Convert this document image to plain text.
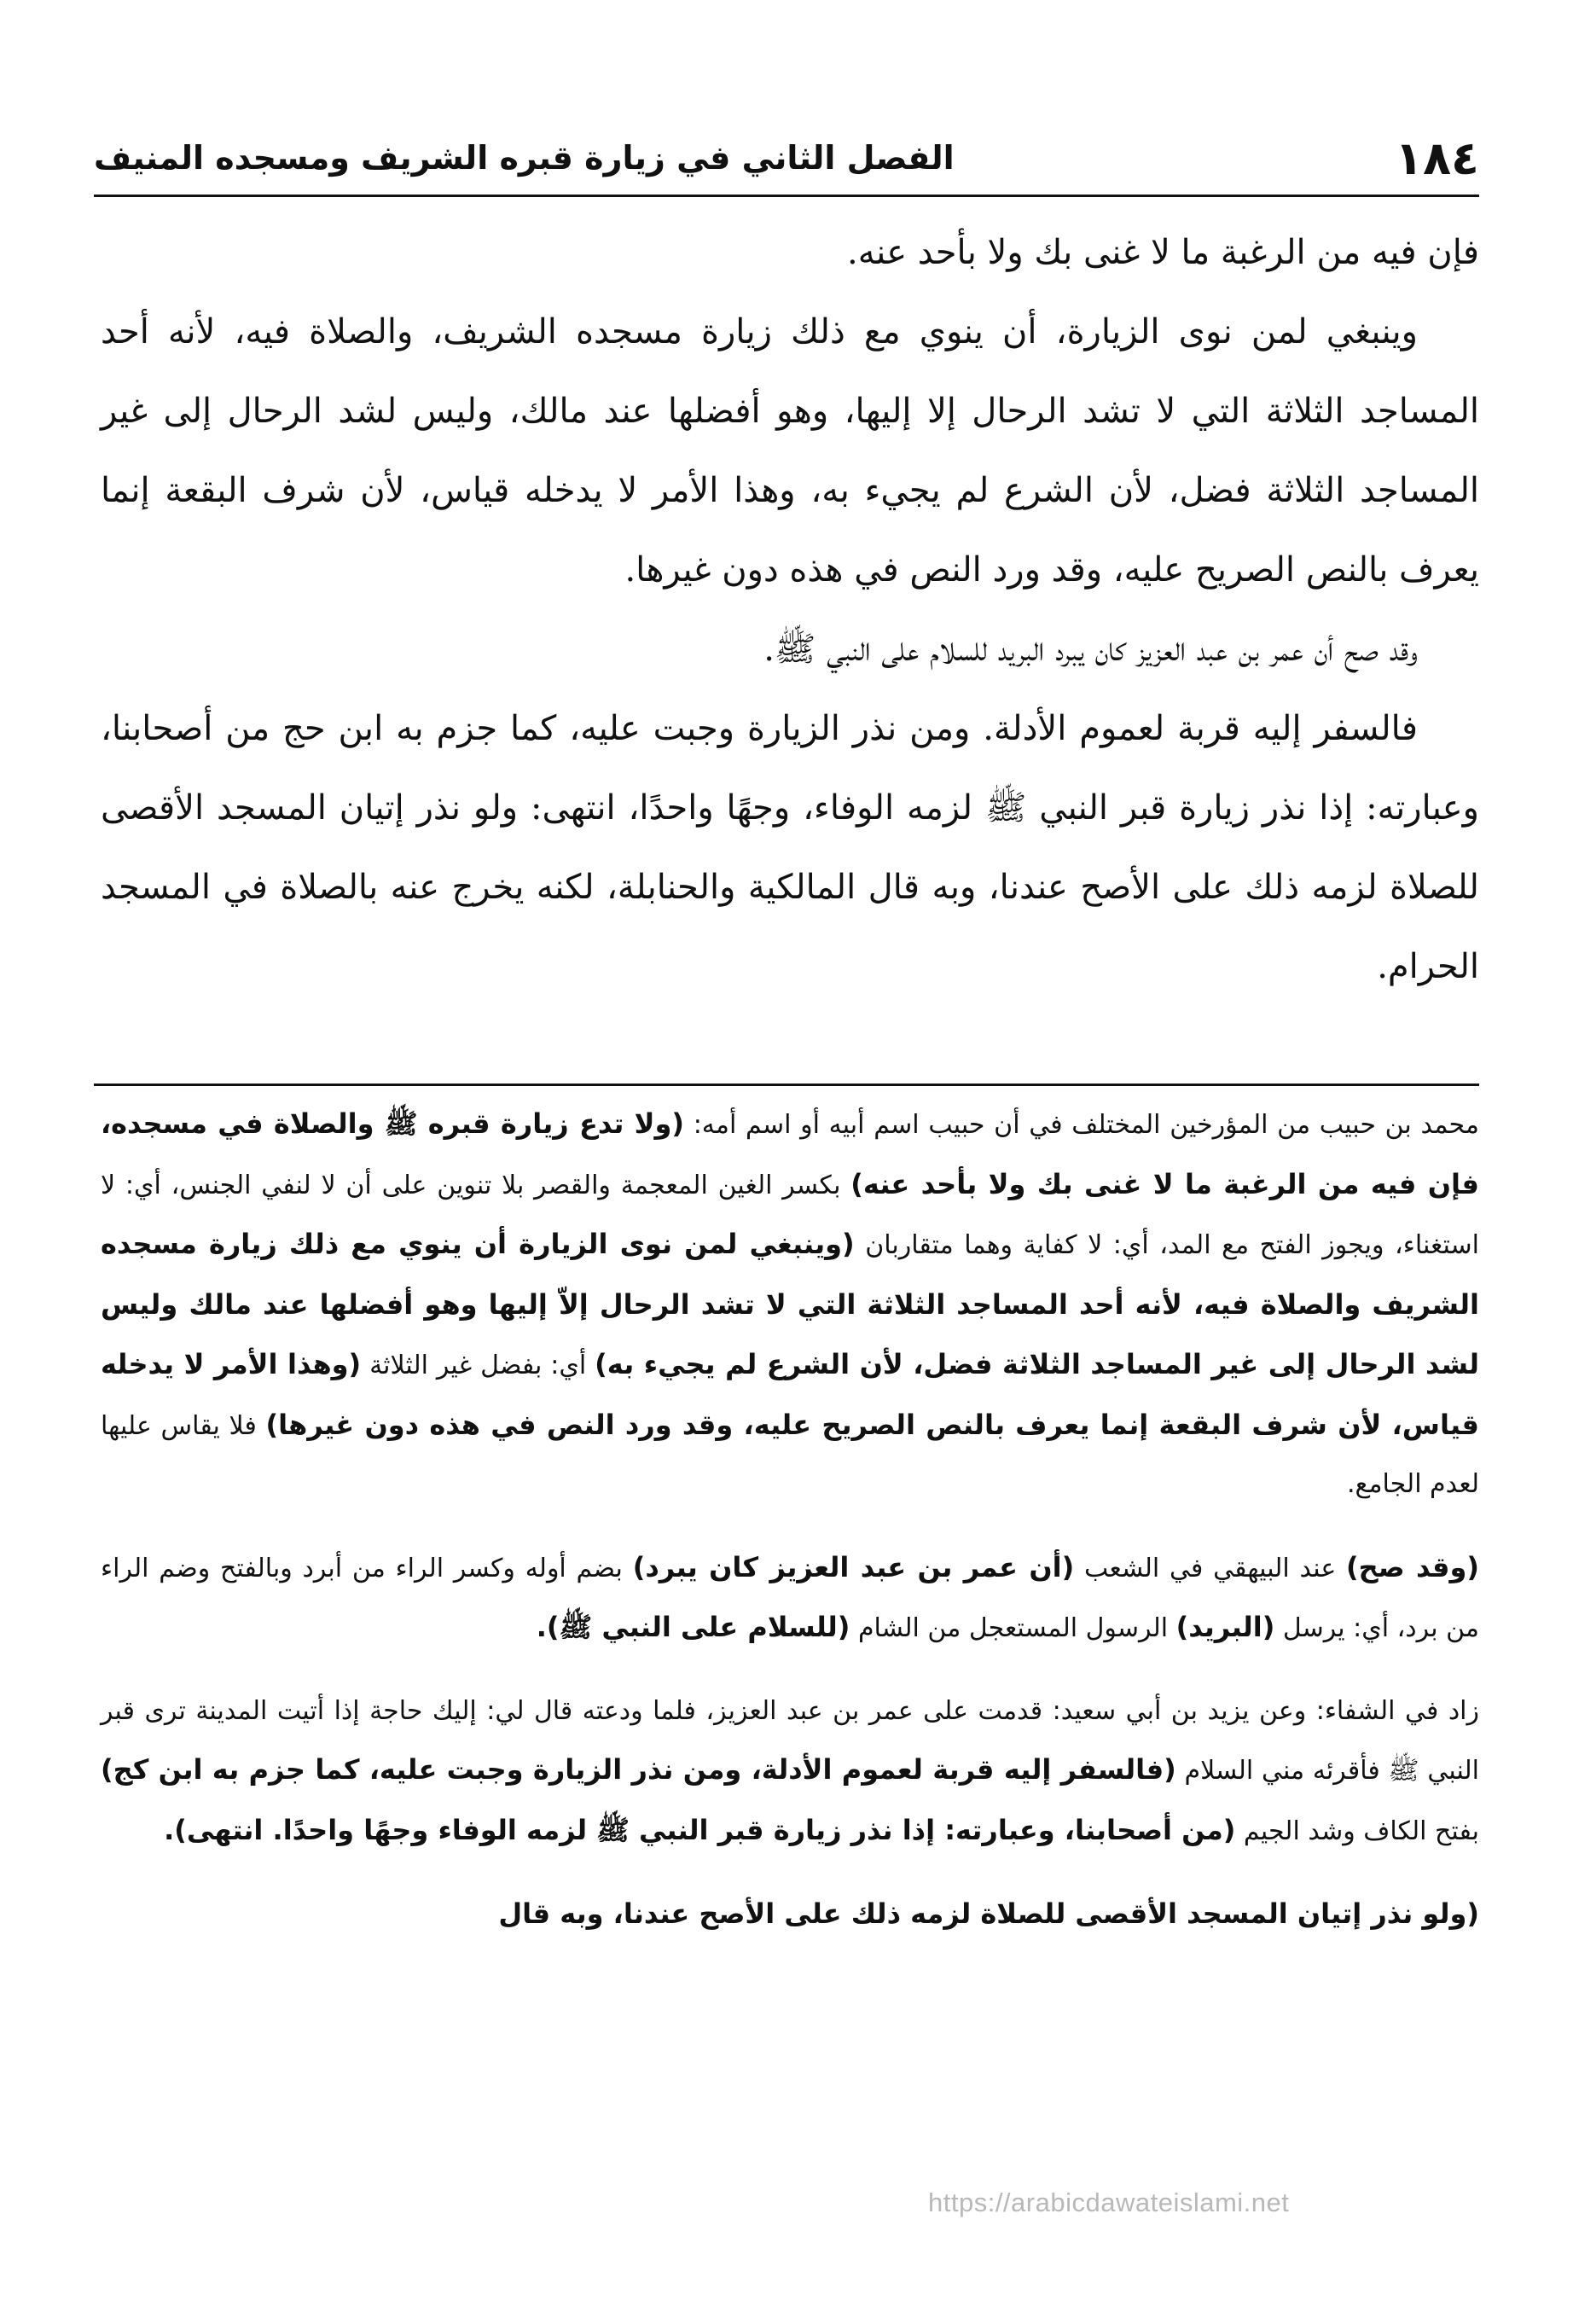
١٨٤
الفصل الثاني في زيارة قبره الشريف ومسجده المنيف

فإن فيه من الرغبة ما لا غنى بك ولا بأحد عنه.

وينبغي لمن نوى الزيارة، أن ينوي مع ذلك زيارة مسجده الشريف، والصلاة فيه، لأنه أحد المساجد الثلاثة التي لا تشد الرحال إلا إليها، وهو أفضلها عند مالك، وليس لشد الرحال إلى غير المساجد الثلاثة فضل، لأن الشرع لم يجيء به، وهذا الأمر لا يدخله قياس، لأن شرف البقعة إنما يعرف بالنص الصريح عليه، وقد ورد النص في هذه دون غيرها.

وقد صح أن عمر بن عبد العزيز كان يبرد البريد للسلام على النبي ﷺ.

فالسفر إليه قربة لعموم الأدلة. ومن نذر الزيارة وجبت عليه، كما جزم به ابن حج من أصحابنا، وعبارته: إذا نذر زيارة قبر النبي ﷺ لزمه الوفاء، وجهًا واحدًا، انتهى: ولو نذر إتيان المسجد الأقصى للصلاة لزمه ذلك على الأصح عندنا، وبه قال المالكية والحنابلة، لكنه يخرج عنه بالصلاة في المسجد الحرام.

محمد بن حبيب من المؤرخين المختلف في أن حبيب اسم أبيه أو اسم أمه: (ولا تدع زيارة قبره ﷺ والصلاة في مسجده، فإن فيه من الرغبة ما لا غنى بك ولا بأحد عنه) بكسر الغين المعجمة والقصر بلا تنوين على أن لا لنفي الجنس، أي: لا استغناء، ويجوز الفتح مع المد، أي: لا كفاية وهما متقاربان (وينبغي لمن نوى الزيارة أن ينوي مع ذلك زيارة مسجده الشريف والصلاة فيه، لأنه أحد المساجد الثلاثة التي لا تشد الرحال إلاّ إليها وهو أفضلها عند مالك وليس لشد الرحال إلى غير المساجد الثلاثة فضل، لأن الشرع لم يجيء به) أي: بفضل غير الثلاثة (وهذا الأمر لا يدخله قياس، لأن شرف البقعة إنما يعرف بالنص الصريح عليه، وقد ورد النص في هذه دون غيرها) فلا يقاس عليها لعدم الجامع.

(وقد صح) عند البيهقي في الشعب (أن عمر بن عبد العزيز كان يبرد) بضم أوله وكسر الراء من أبرد وبالفتح وضم الراء من برد، أي: يرسل (البريد) الرسول المستعجل من الشام (للسلام على النبي ﷺ).

زاد في الشفاء: وعن يزيد بن أبي سعيد: قدمت على عمر بن عبد العزيز، فلما ودعته قال لي: إليك حاجة إذا أتيت المدينة ترى قبر النبي ﷺ فأقرئه مني السلام (فالسفر إليه قربة لعموم الأدلة، ومن نذر الزيارة وجبت عليه، كما جزم به ابن كج) بفتح الكاف وشد الجيم (من أصحابنا، وعبارته: إذا نذر زيارة قبر النبي ﷺ لزمه الوفاء وجهًا واحدًا. انتهى).

(ولو نذر إتيان المسجد الأقصى للصلاة لزمه ذلك على الأصح عندنا، وبه قال

https://arabicdawateislami.net
